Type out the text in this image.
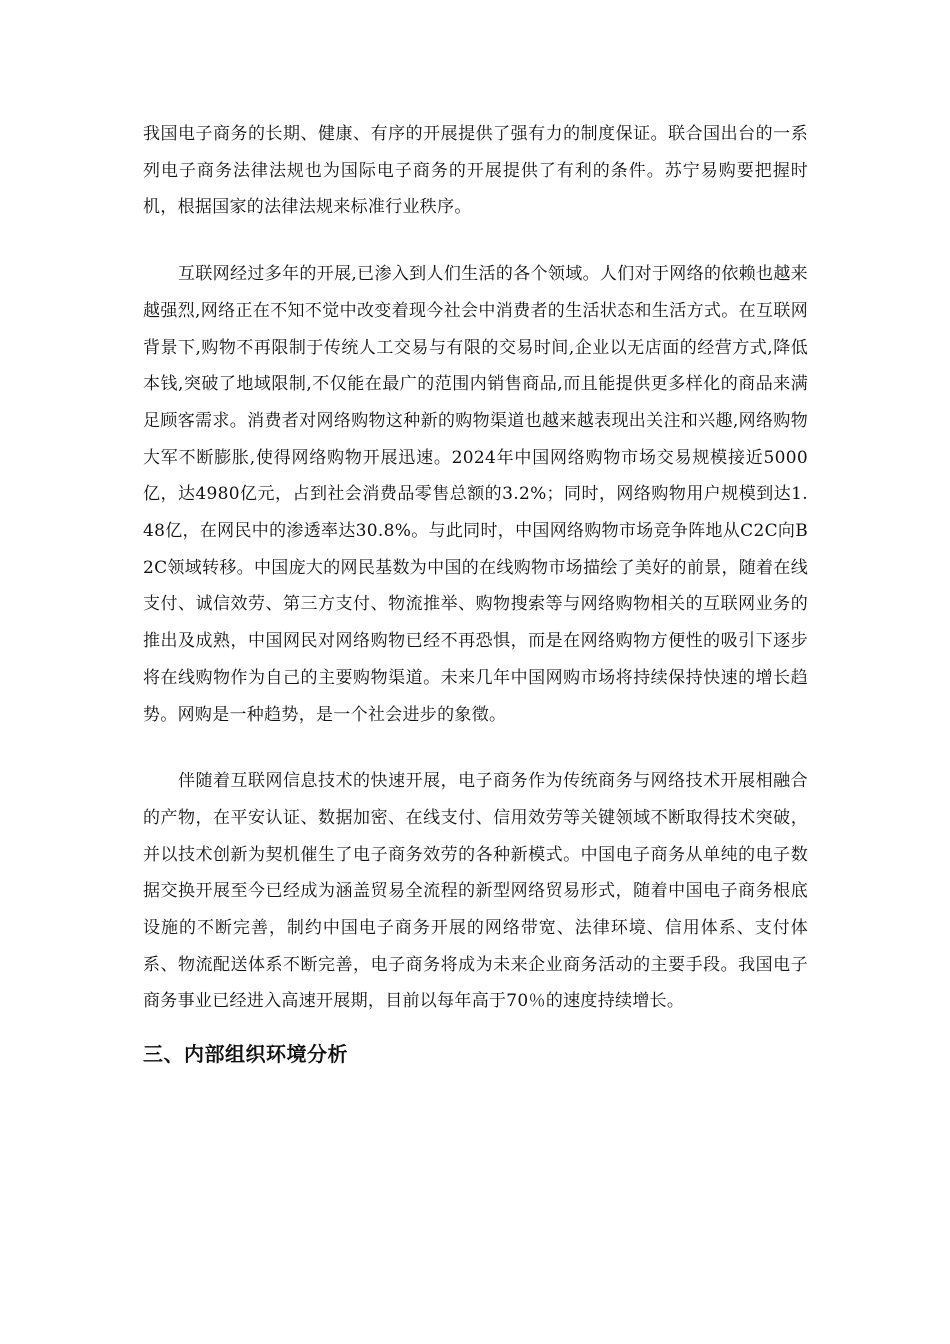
我国电子商务的长期、健康、有序的开展提供了强有力的制度保证。联合国出台的一系列电子商务法律法规也为国际电子商务的开展提供了有利的条件。苏宁易购要把握时机，根据国家的法律法规来标准行业秩序。

互联网经过多年的开展,已渗入到人们生活的各个领域。人们对于网络的依赖也越来越强烈,网络正在不知不觉中改变着现今社会中消费者的生活状态和生活方式。在互联网背景下,购物不再限制于传统人工交易与有限的交易时间,企业以无店面的经营方式,降低本钱,突破了地域限制,不仅能在最广的范围内销售商品,而且能提供更多样化的商品来满足顾客需求。消费者对网络购物这种新的购物渠道也越来越表现出关注和兴趣,网络购物大军不断膨胀,使得网络购物开展迅速。2024年中国网络购物市场交易规模接近5000亿，达4980亿元，占到社会消费品零售总额的3.2%；同时，网络购物用户规模到达1.48亿，在网民中的渗透率达30.8%。与此同时，中国网络购物市场竞争阵地从C2C向B2C领域转移。中国庞大的网民基数为中国的在线购物市场描绘了美好的前景，随着在线支付、诚信效劳、第三方支付、物流推举、购物搜索等与网络购物相关的互联网业务的推出及成熟，中国网民对网络购物已经不再恐惧，而是在网络购物方便性的吸引下逐步将在线购物作为自己的主要购物渠道。未来几年中国网购市场将持续保持快速的增长趋势。网购是一种趋势，是一个社会进步的象徵。

伴随着互联网信息技术的快速开展，电子商务作为传统商务与网络技术开展相融合的产物，在平安认证、数据加密、在线支付、信用效劳等关键领域不断取得技术突破，并以技术创新为契机催生了电子商务效劳的各种新模式。中国电子商务从单纯的电子数据交换开展至今已经成为涵盖贸易全流程的新型网络贸易形式，随着中国电子商务根底设施的不断完善，制约中国电子商务开展的网络带宽、法律环境、信用体系、支付体系、物流配送体系不断完善，电子商务将成为未来企业商务活动的主要手段。我国电子商务事业已经进入高速开展期，目前以每年高于70％的速度持续增长。

三、内部组织环境分析
